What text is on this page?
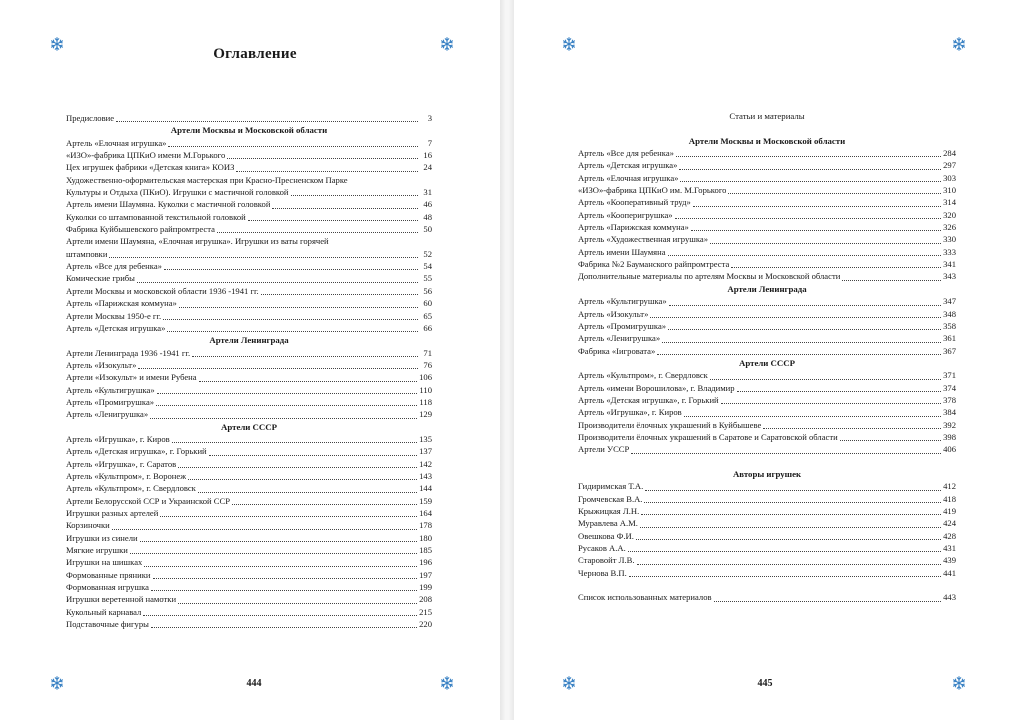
Оглавление
Предисловие	3
Артели Москвы и Московской области
Артель «Елочная игрушка»	7
«ИЗО»-фабрика ЦПКиО имени М.Горького	16
Цех игрушек фабрики «Детская книга» КОИЗ	24
Художественно-оформительская мастерская при Красно-Пресненском Парке
Культуры и Отдыха (ПКиО). Игрушки с мастичной головкой	31
Артель имени Шаумяна. Куколки с мастичной головкой	46
Куколки со штампованной текстильной головкой	48
Фабрика Куйбышевского райпромтреста	50
Артели имени Шаумяна, «Елочная игрушка». Игрушки из ваты горячей
штамповки	52
Артель «Все для ребенка»	54
Комические грибы	55
Артели Москвы и московской области 1936 -1941 гг.	56
Артель «Парижская коммуна»	60
Артели Москвы 1950-е гг.	65
Артель «Детская игрушка»	66
Артели Ленинграда
Артели Ленинграда 1936 -1941 гг.	71
Артель «Изокульт»	76
Артели «Изокульт» и имени Рубена	106
Артель «Культигрушка»	110
Артель «Промигрушка»	118
Артель «Ленигрушка»	129
Артели СССР
Артель «Игрушка», г. Киров	135
Артель «Детская игрушка», г. Горький	137
Артель «Игрушка», г. Саратов	142
Артель «Культпром», г. Воронеж	143
Артель «Культпром», г. Свердловск	144
Артели Белорусской ССР и Украинской ССР	159
Игрушки разных артелей	164
Корзиночки	178
Игрушки из синели	180
Мягкие игрушки	185
Игрушки на шишках	196
Формованные пряники	197
Формованная игрушка	199
Игрушки веретенной намотки	208
Кукольный карнавал	215
Подставочные фигуры	220
Статьи и материалы
Артели Москвы и Московской области
Артель «Все для ребенка»	284
Артель «Детская игрушка»	297
Артель «Елочная игрушка»	303
«ИЗО»-фабрика ЦПКиО им. М.Горького	310
Артель «Кооперативный труд»	314
Артель «Кооперигрушка»	320
Артель «Парижская коммуна»	326
Артель «Художественная игрушка»	330
Артель имени Шаумяна	333
Фабрика №2 Бауманского райпромтреста	341
Дополнительные материалы по артелям Москвы и Московской области	343
Артели Ленинграда
Артель «Культигрушка»	347
Артель «Изокульт»	348
Артель «Промигрушка»	358
Артель «Ленигрушка»	361
Фабрика «Іигровата»	367
Артели СССР
Артель «Культпром», г. Свердловск	371
Артель «имени Ворошилова», г. Владимир	374
Артель «Детская игрушка», г. Горький	378
Артель «Игрушка», г. Киров	384
Производители ёлочных украшений в Куйбышеве	392
Производители ёлочных украшений в Саратове и Саратовской области	398
Артели УССР	406
Авторы игрушек
Гидиримская Т.А.	412
Громчевская В.А.	418
Крыжицкая Л.Н.	419
Муравлева А.М.	424
Овешкова Ф.И.	428
Русаков А.А.	431
Старовойт Л.В.	439
Чернова В.П.	441
Список использованных материалов	443
444	445
